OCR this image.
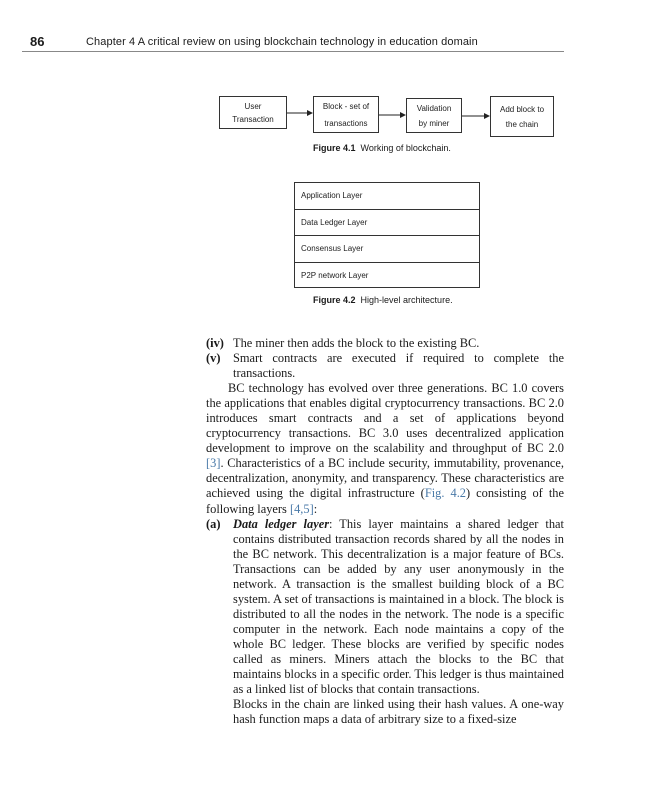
86	Chapter 4 A critical review on using blockchain technology in education domain
User
Transaction
Block - set of
transactions
Validation
by miner
Add block to
the chain
Figure 4.1 Working of blockchain.
Application Layer
Data Ledger Layer
Consensus Layer
P2P network Layer
Figure 4.2 High-level architecture.
(iv) The miner then adds the block to the existing BC.

(v) Smart contracts are executed if required to complete the transactions.

BC technology has evolved over three generations. BC 1.0 covers the applications that enables digital cryptocurrency transactions. BC 2.0 introduces smart contracts and a set of applications beyond cryptocurrency transactions. BC 3.0 uses decentralized application development to improve on the scalability and throughput of BC 2.0 [3]. Characteristics of a BC include security, immutability, provenance, decentralization, anonymity, and transparency. These characteristics are achieved using the digital infrastructure (Fig. 4.2) consisting of the following layers [4,5]:

(a) Data ledger layer: This layer maintains a shared ledger that contains distributed transaction records shared by all the nodes in the BC network. This decentralization is a major feature of BCs. Transactions can be added by any user anonymously in the network. A transaction is the smallest building block of a BC system. A set of transactions is maintained in a block. The block is distributed to all the nodes in the network. The node is a specific computer in the network. Each node maintains a copy of the whole BC ledger. These blocks are verified by specific nodes called as miners. Miners attach the blocks to the BC that maintains blocks in a specific order. This ledger is thus maintained as a linked list of blocks that contain transactions.

Blocks in the chain are linked using their hash values. A one-way hash function maps a data of arbitrary size to a fixed-size
